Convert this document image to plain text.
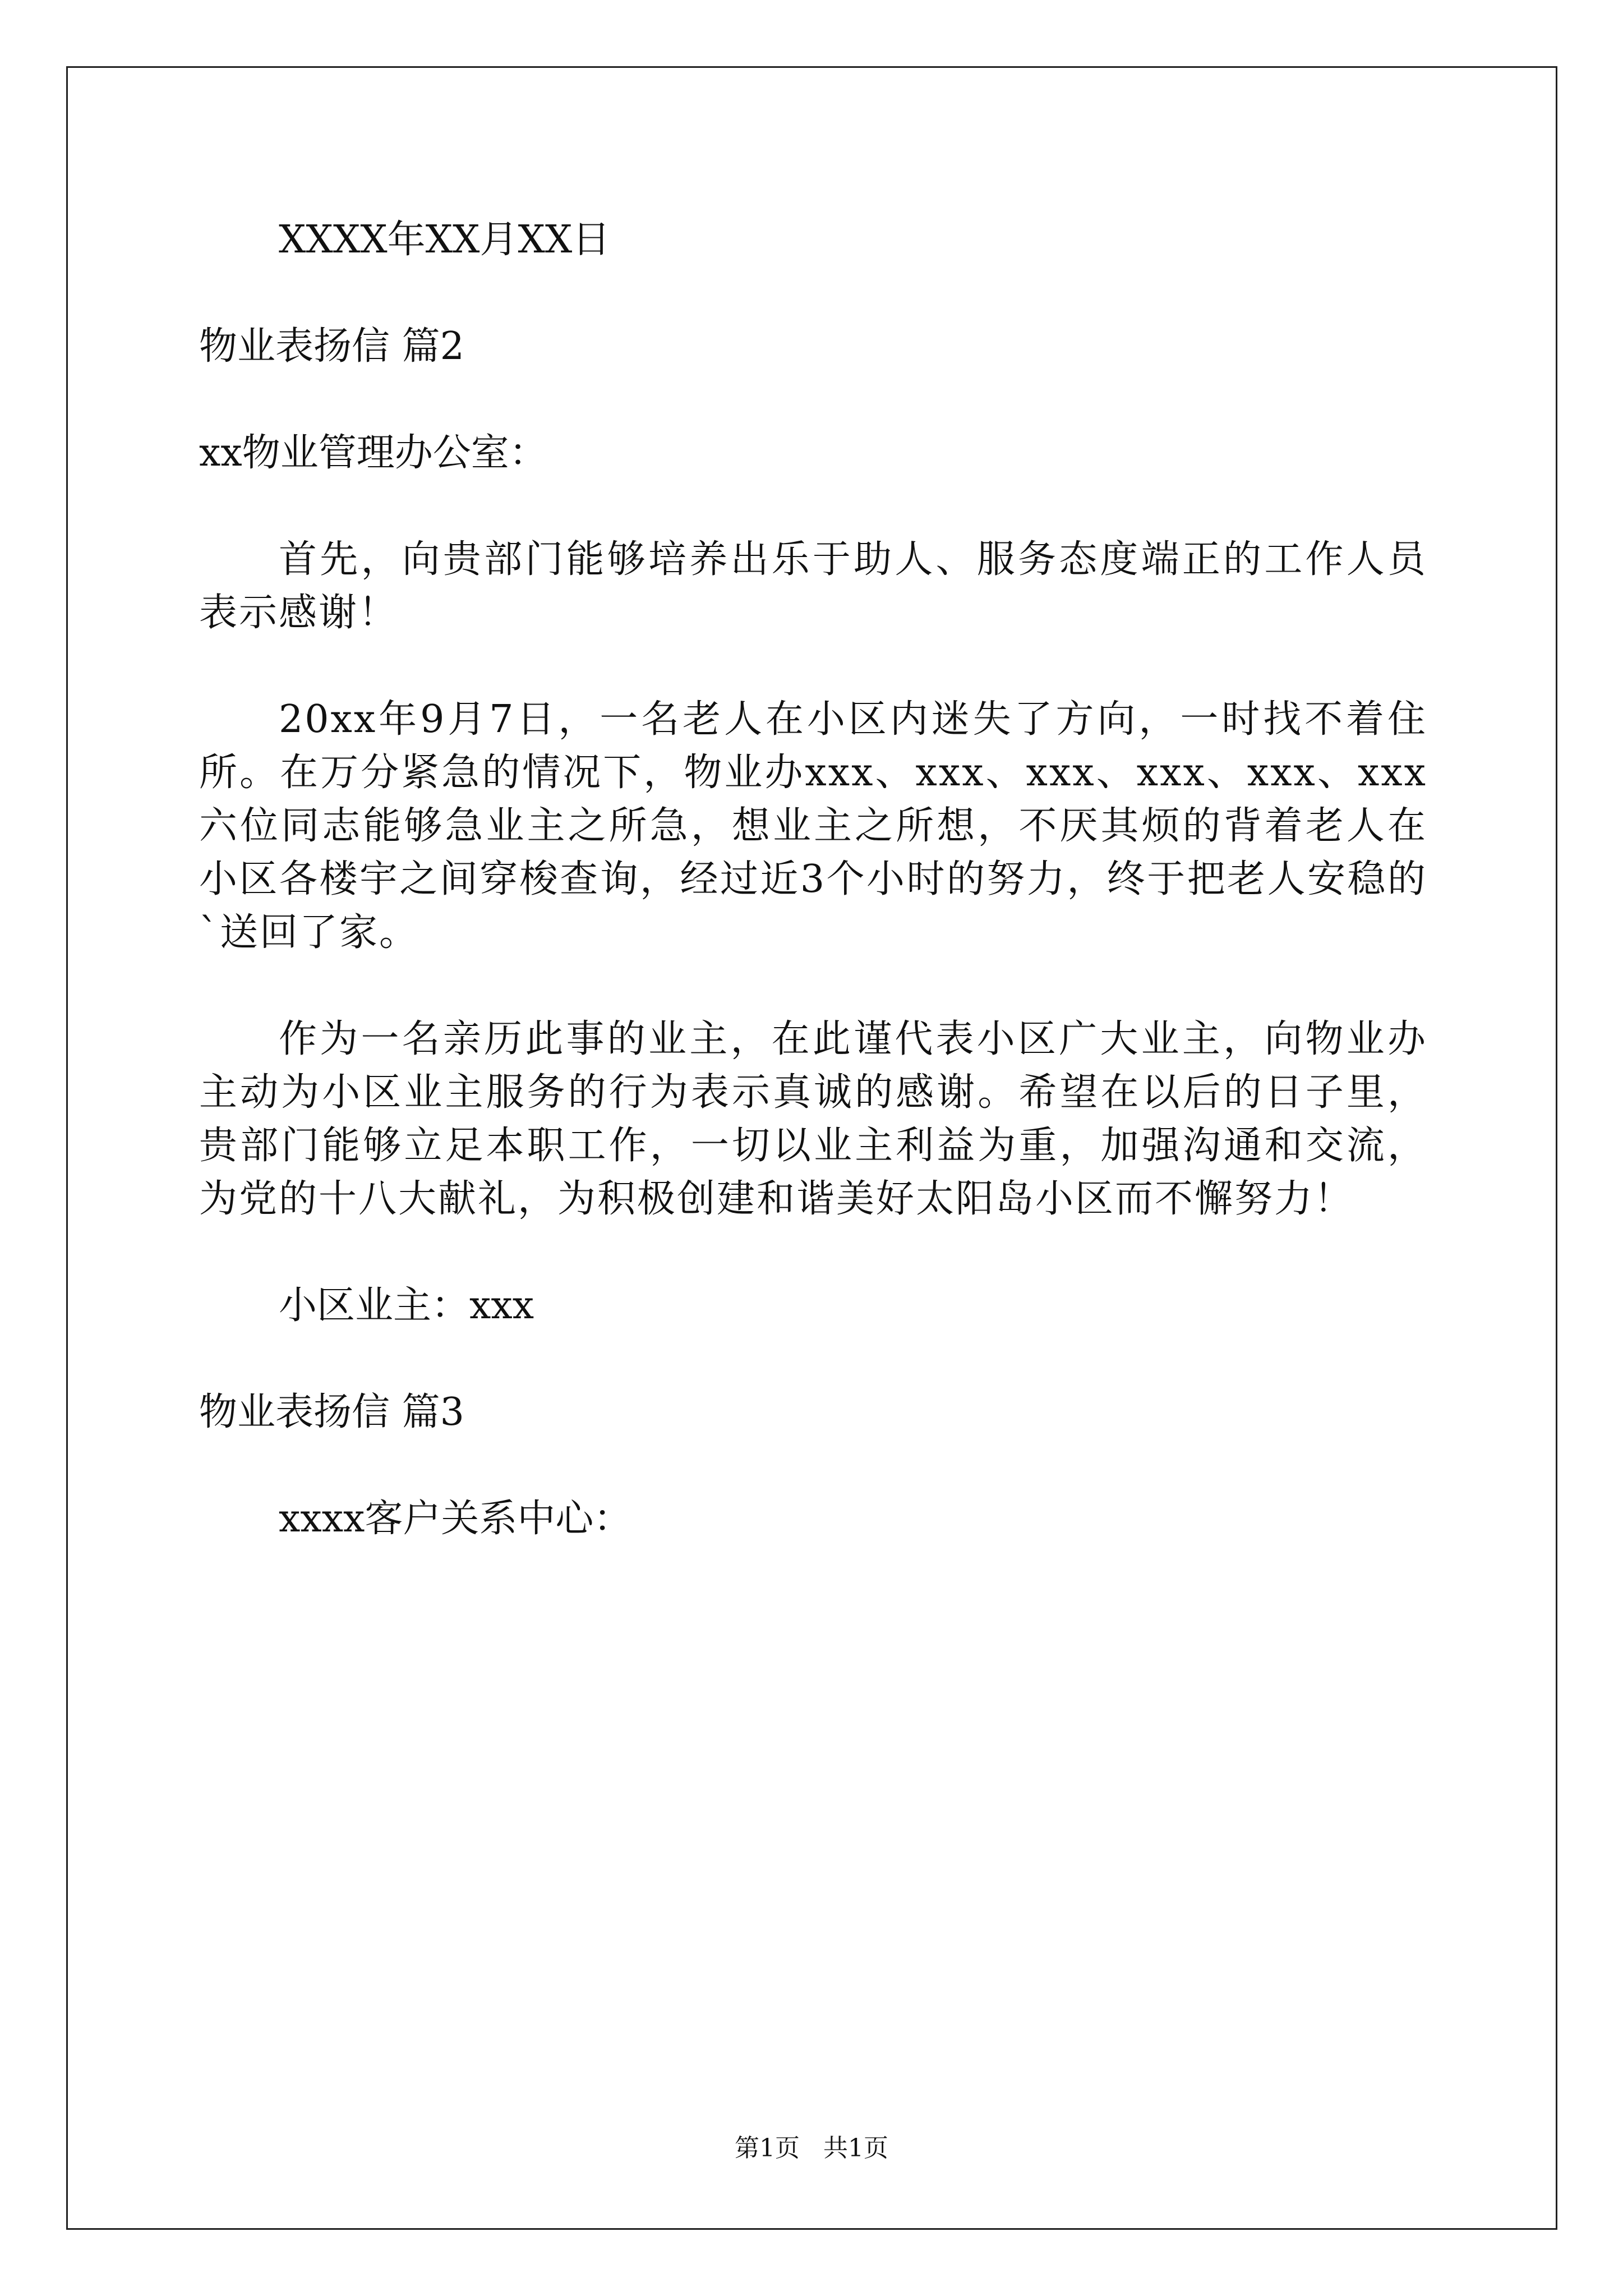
XXXX年XX月XX日
物业表扬信 篇2
xx物业管理办公室：

首先，向贵部门能够培养出乐于助人、服务态度端正的工作人员表示感谢！

20xx年9月7日，一名老人在小区内迷失了方向，一时找不着住所。在万分紧急的情况下，物业办xxx、xxx、xxx、xxx、xxx、xxx六位同志能够急业主之所急，想业主之所想，不厌其烦的背着老人在小区各楼宇之间穿梭查询，经过近3个小时的努力，终于把老人安稳的`送回了家。

作为一名亲历此事的业主，在此谨代表小区广大业主，向物业办主动为小区业主服务的行为表示真诚的感谢。希望在以后的日子里，贵部门能够立足本职工作，一切以业主利益为重，加强沟通和交流，为党的十八大献礼，为积极创建和谐美好太阳岛小区而不懈努力！

小区业主：xxx
物业表扬信 篇3
xxxx客户关系中心：
第1页   共1页
